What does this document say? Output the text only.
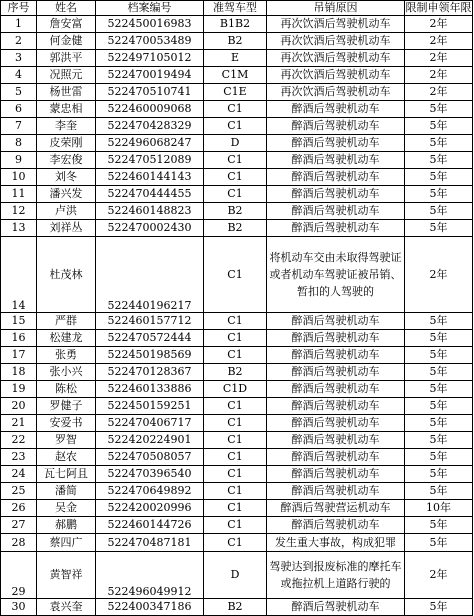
序号	姓名	档案编号	准驾车型	吊销原因	限制申领年限
1	詹安富	522450016983	B1B2	再次饮酒后驾驶机动车	2年
2	何金健	522470053489	B2	再次饮酒后驾驶机动车	2年
3	郭洪平	522497105012	E	再次饮酒后驾驶机动车	2年
4	况照元	522470019494	C1M	再次饮酒后驾驶机动车	2年
5	杨世雷	522470510741	C1E	再次饮酒后驾驶机动车	2年
6	蒙忠相	522460009068	C1	醉酒后驾驶机动车	5年
7	李奎	522470428329	C1	醉酒后驾驶机动车	5年
8	皮荣刚	522496068247	D	醉酒后驾驶机动车	5年
9	李宏俊	522470512089	C1	醉酒后驾驶机动车	5年
10	刘冬	522460144143	C1	醉酒后驾驶机动车	5年
11	潘兴发	522470444455	C1	醉酒后驾驶机动车	5年
12	卢洪	522460148823	B2	醉酒后驾驶机动车	5年
13	刘祥丛	522470002430	B2	醉酒后驾驶机动车	5年
14	杜茂林	522440196217	C1	将机动车交由未取得驾驶证或者机动车驾驶证被吊销、暂扣的人驾驶的	2年
15	严群	522460157712	C1	醉酒后驾驶机动车	5年
16	松建龙	522470572444	C1	醉酒后驾驶机动车	5年
17	张勇	522450198569	C1	醉酒后驾驶机动车	5年
18	张小兴	522470128367	B2	醉酒后驾驶机动车	5年
19	陈松	522460133886	C1D	醉酒后驾驶机动车	5年
20	罗健子	522450159251	C1	醉酒后驾驶机动车	5年
21	安爱书	522470406717	C1	醉酒后驾驶机动车	5年
22	罗智	522420224901	C1	醉酒后驾驶机动车	5年
23	赵农	522470508057	C1	醉酒后驾驶机动车	5年
24	瓦七阿且	522470396540	C1	醉酒后驾驶机动车	5年
25	潘简	522470649892	C1	醉酒后驾驶机动车	5年
26	吴金	522420020996	C1	醉酒后驾驶营运机动车	10年
27	郝鹏	522460144726	C1	醉酒后驾驶机动车	5年
28	蔡四广	522470487181	C1	发生重大事故，构成犯罪	5年
29	黄智祥	522496049912	D	驾驶达到报废标准的摩托车或拖拉机上道路行驶的	2年
30	袁兴奎	522400347186	B2	醉酒后驾驶机动车	5年
